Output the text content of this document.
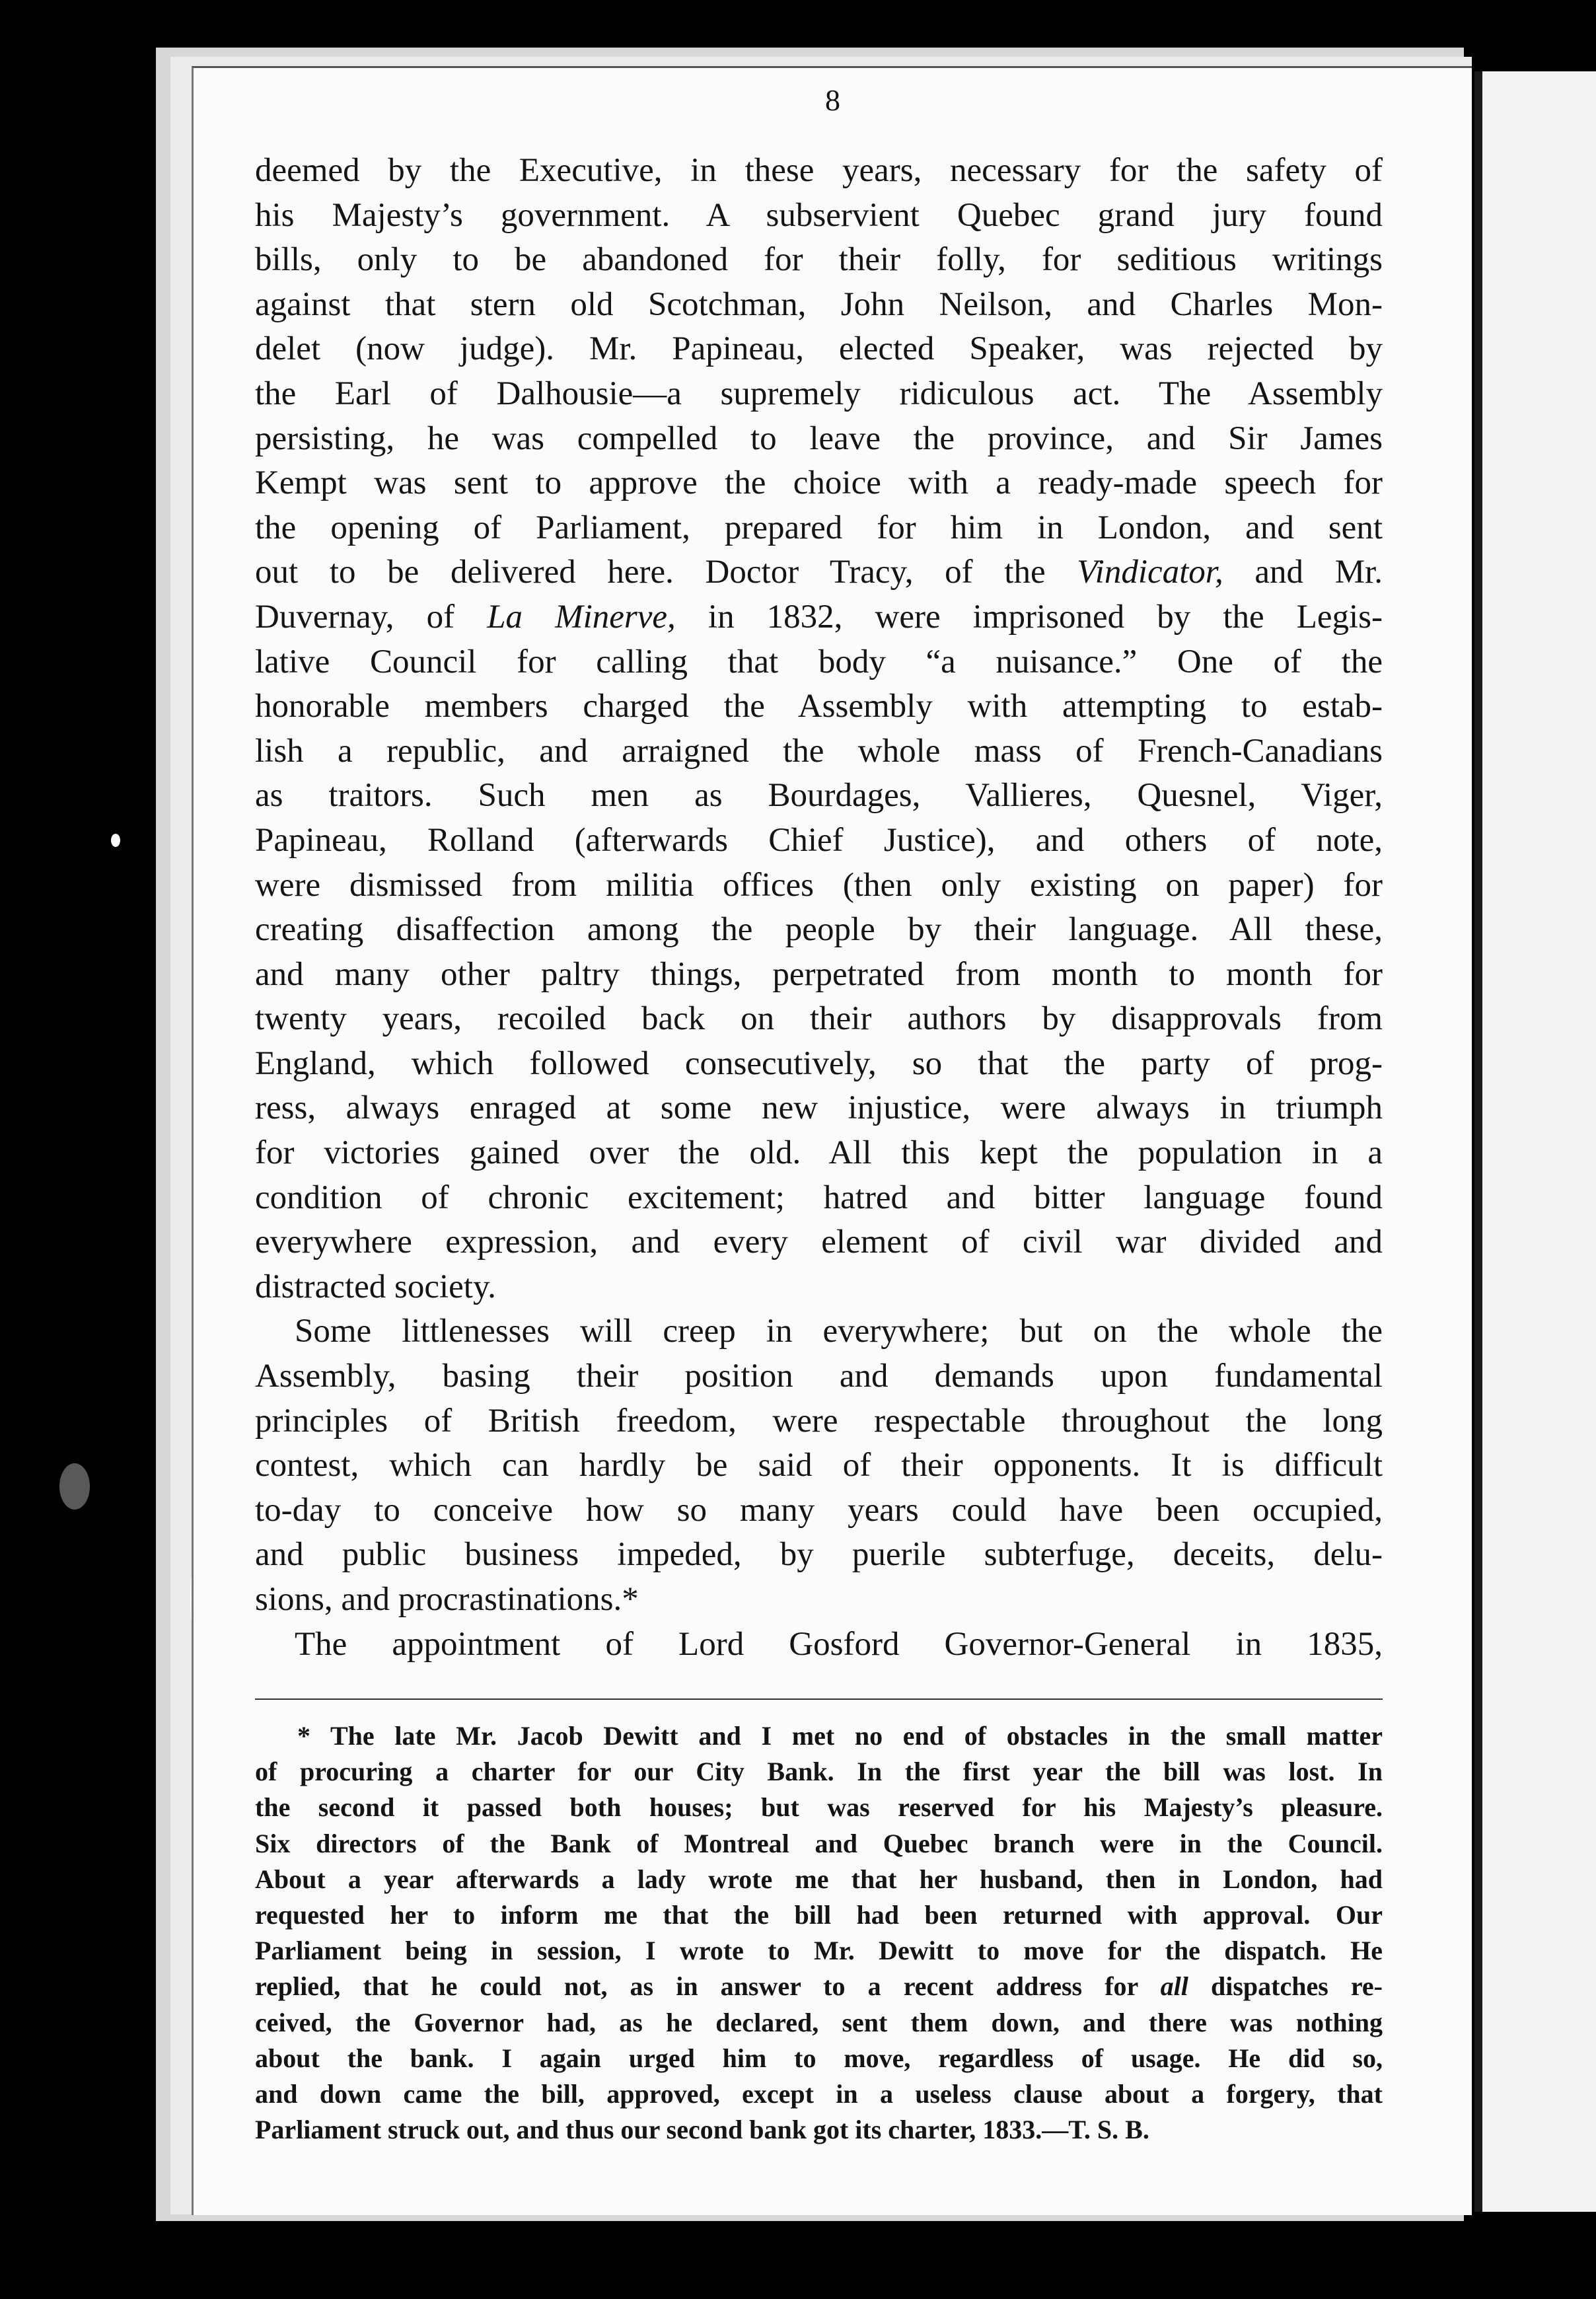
8
deemed by the Executive, in these years, necessary for the safety of
his Majesty’s government. A subservient Quebec grand jury found
bills, only to be abandoned for their folly, for seditious writings
against that stern old Scotchman, John Neilson, and Charles Mon-
delet (now judge). Mr. Papineau, elected Speaker, was rejected by
the Earl of Dalhousie—a supremely ridiculous act. The Assembly
persisting, he was compelled to leave the province, and Sir James
Kempt was sent to approve the choice with a ready-made speech for
the opening of Parliament, prepared for him in London, and sent
out to be delivered here. Doctor Tracy, of the Vindicator, and Mr.
Duvernay, of La Minerve, in 1832, were imprisoned by the Legis-
lative Council for calling that body “a nuisance.” One of the
honorable members charged the Assembly with attempting to estab-
lish a republic, and arraigned the whole mass of French-Canadians
as traitors. Such men as Bourdages, Vallieres, Quesnel, Viger,
Papineau, Rolland (afterwards Chief Justice), and others of note,
were dismissed from militia offices (then only existing on paper) for
creating disaffection among the people by their language. All these,
and many other paltry things, perpetrated from month to month for
twenty years, recoiled back on their authors by disapprovals from
England, which followed consecutively, so that the party of prog-
ress, always enraged at some new injustice, were always in triumph
for victories gained over the old. All this kept the population in a
condition of chronic excitement; hatred and bitter language found
everywhere expression, and every element of civil war divided and
distracted society.
Some littlenesses will creep in everywhere; but on the whole the
Assembly, basing their position and demands upon fundamental
principles of British freedom, were respectable throughout the long
contest, which can hardly be said of their opponents. It is difficult
to-day to conceive how so many years could have been occupied,
and public business impeded, by puerile subterfuge, deceits, delu-
sions, and procrastinations.*
The appointment of Lord Gosford Governor-General in 1835,
* The late Mr. Jacob Dewitt and I met no end of obstacles in the small matter
of procuring a charter for our City Bank. In the first year the bill was lost. In
the second it passed both houses; but was reserved for his Majesty’s pleasure.
Six directors of the Bank of Montreal and Quebec branch were in the Council.
About a year afterwards a lady wrote me that her husband, then in London, had
requested her to inform me that the bill had been returned with approval. Our
Parliament being in session, I wrote to Mr. Dewitt to move for the dispatch. He
replied, that he could not, as in answer to a recent address for all dispatches re-
ceived, the Governor had, as he declared, sent them down, and there was nothing
about the bank. I again urged him to move, regardless of usage. He did so,
and down came the bill, approved, except in a useless clause about a forgery, that
Parliament struck out, and thus our second bank got its charter, 1833.—T. S. B.
